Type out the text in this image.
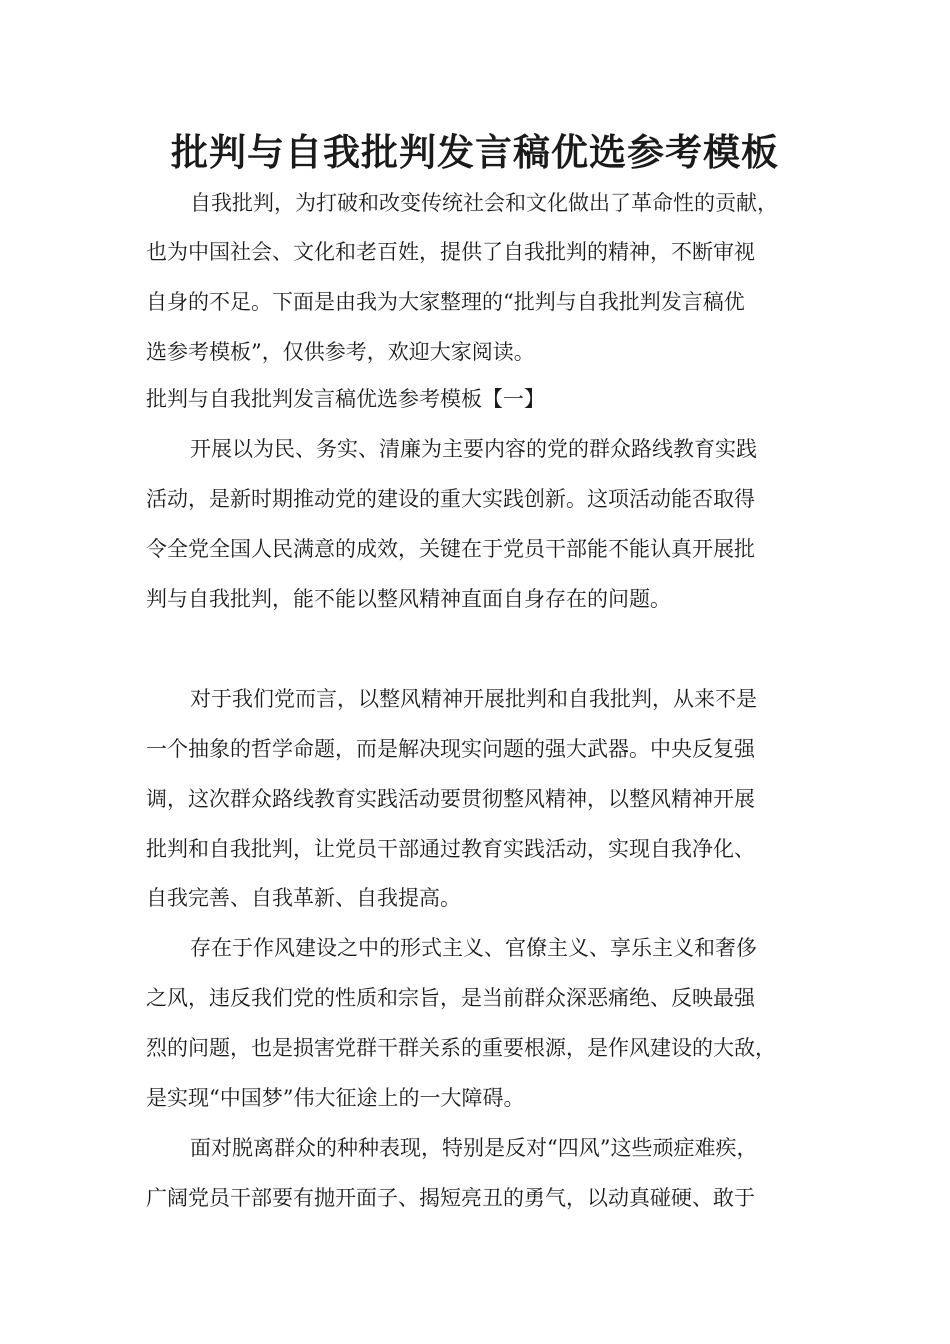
批判与自我批判发言稿优选参考模板

自我批判，为打破和改变传统社会和文化做出了革命性的贡献，

也为中国社会、文化和老百姓，提供了自我批判的精神，不断审视

自身的不足。下面是由我为大家整理的“批判与自我批判发言稿优

选参考模板”，仅供参考，欢迎大家阅读。

批判与自我批判发言稿优选参考模板【一】

开展以为民、务实、清廉为主要内容的党的群众路线教育实践

活动，是新时期推动党的建设的重大实践创新。这项活动能否取得

令全党全国人民满意的成效，关键在于党员干部能不能认真开展批

判与自我批判，能不能以整风精神直面自身存在的问题。

对于我们党而言，以整风精神开展批判和自我批判，从来不是

一个抽象的哲学命题，而是解决现实问题的强大武器。中央反复强

调，这次群众路线教育实践活动要贯彻整风精神，以整风精神开展

批判和自我批判，让党员干部通过教育实践活动，实现自我净化、

自我完善、自我革新、自我提高。

存在于作风建设之中的形式主义、官僚主义、享乐主义和奢侈

之风，违反我们党的性质和宗旨，是当前群众深恶痛绝、反映最强

烈的问题，也是损害党群干群关系的重要根源，是作风建设的大敌，

是实现“中国梦”伟大征途上的一大障碍。

面对脱离群众的种种表现，特别是反对“四风”这些顽症难疾，

广阔党员干部要有抛开面子、揭短亮丑的勇气，以动真碰硬、敢于
